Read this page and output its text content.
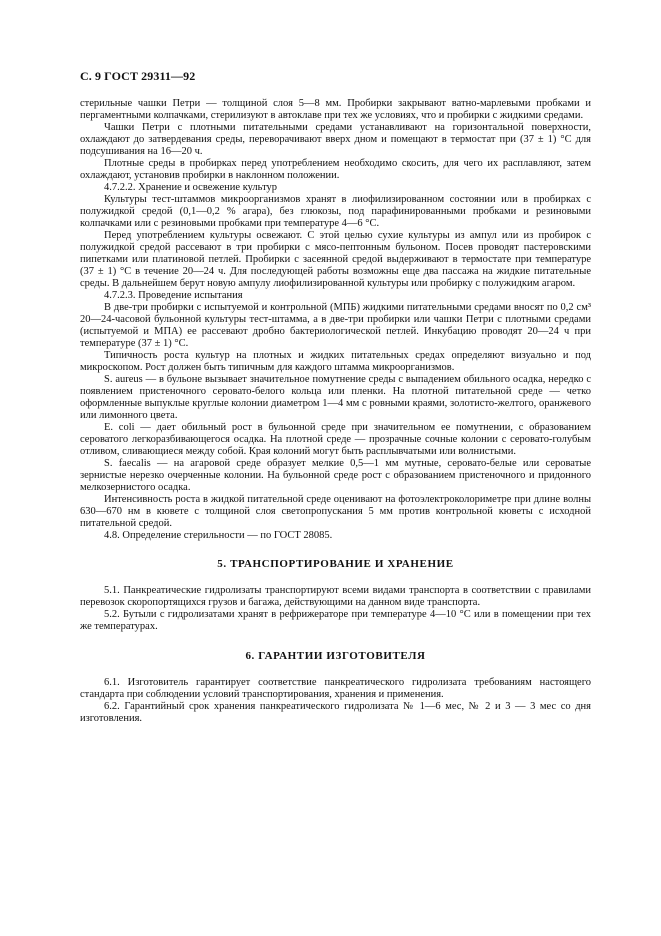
С. 9 ГОСТ 29311—92

стерильные чашки Петри — толщиной слоя 5—8 мм. Пробирки закрывают ватно-марлевыми пробками и пергаментными колпачками, стерилизуют в автоклаве при тех же условиях, что и пробирки с жидкими средами.

Чашки Петри с плотными питательными средами устанавливают на горизонтальной поверхности, охлаждают до затвердевания среды, переворачивают вверх дном и помещают в термостат при (37 ± 1) °С для подсушивания на 16—20 ч.

Плотные среды в пробирках перед употреблением необходимо скосить, для чего их расплавляют, затем охлаждают, установив пробирки в наклонном положении.

4.7.2.2. Хранение и освежение культур

Культуры тест-штаммов микроорганизмов хранят в лиофилизированном состоянии или в пробирках с полужидкой средой (0,1—0,2 % агара), без глюкозы, под парафинированными пробками и резиновыми колпачками или с резиновыми пробками при температуре 4—6 °С.

Перед употреблением культуры освежают. С этой целью сухие культуры из ампул или из пробирок с полужидкой средой рассевают в три пробирки с мясо-пептонным бульоном. Посев проводят пастеровскими пипетками или платиновой петлей. Пробирки с засеянной средой выдерживают в термостате при температуре (37 ± 1) °С в течение 20—24 ч. Для последующей работы возможны еще два пассажа на жидкие питательные среды. В дальнейшем берут новую ампулу лиофилизированной культуры или пробирку с полужидким агаром.

4.7.2.3. Проведение испытания

В две-три пробирки с испытуемой и контрольной (МПБ) жидкими питательными средами вносят по 0,2 см³ 20—24-часовой бульонной культуры тест-штамма, а в две-три пробирки или чашки Петри с плотными средами (испытуемой и МПА) ее рассевают дробно бактериологической петлей. Инкубацию проводят 20—24 ч при температуре (37 ± 1) °С.

Типичность роста культур на плотных и жидких питательных средах определяют визуально и под микроскопом. Рост должен быть типичным для каждого штамма микроорганизмов.

S. aureus — в бульоне вызывает значительное помутнение среды с выпадением обильного осадка, нередко с появлением пристеночного серовато-белого кольца или пленки. На плотной питательной среде — четко оформленные выпуклые круглые колонии диаметром 1—4 мм с ровными краями, золотисто-желтого, оранжевого или лимонного цвета.

E. coli — дает обильный рост в бульонной среде при значительном ее помутнении, с образованием сероватого легкоразбивающегося осадка. На плотной среде — прозрачные сочные колонии с серовато-голубым отливом, сливающиеся между собой. Края колоний могут быть расплывчатыми или волнистыми.

S. faecalis — на агаровой среде образует мелкие 0,5—1 мм мутные, серовато-белые или сероватые зернистые нерезко очерченные колонии. На бульонной среде рост с образованием пристеночного и придонного мелкозернистого осадка.

Интенсивность роста в жидкой питательной среде оценивают на фотоэлектроколориметре при длине волны 630—670 нм в кювете с толщиной слоя светопропускания 5 мм против контрольной кюветы с исходной питательной средой.

4.8. Определение стерильности — по ГОСТ 28085.

5. ТРАНСПОРТИРОВАНИЕ И ХРАНЕНИЕ

5.1. Панкреатические гидролизаты транспортируют всеми видами транспорта в соответствии с правилами перевозок скоропортящихся грузов и багажа, действующими на данном виде транспорта.

5.2. Бутыли с гидролизатами хранят в рефрижераторе при температуре 4—10 °С или в помещении при тех же температурах.

6. ГАРАНТИИ ИЗГОТОВИТЕЛЯ

6.1. Изготовитель гарантирует соответствие панкреатического гидролизата требованиям настоящего стандарта при соблюдении условий транспортирования, хранения и применения.

6.2. Гарантийный срок хранения панкреатического гидролизата № 1—6 мес, № 2 и 3 — 3 мес со дня изготовления.
